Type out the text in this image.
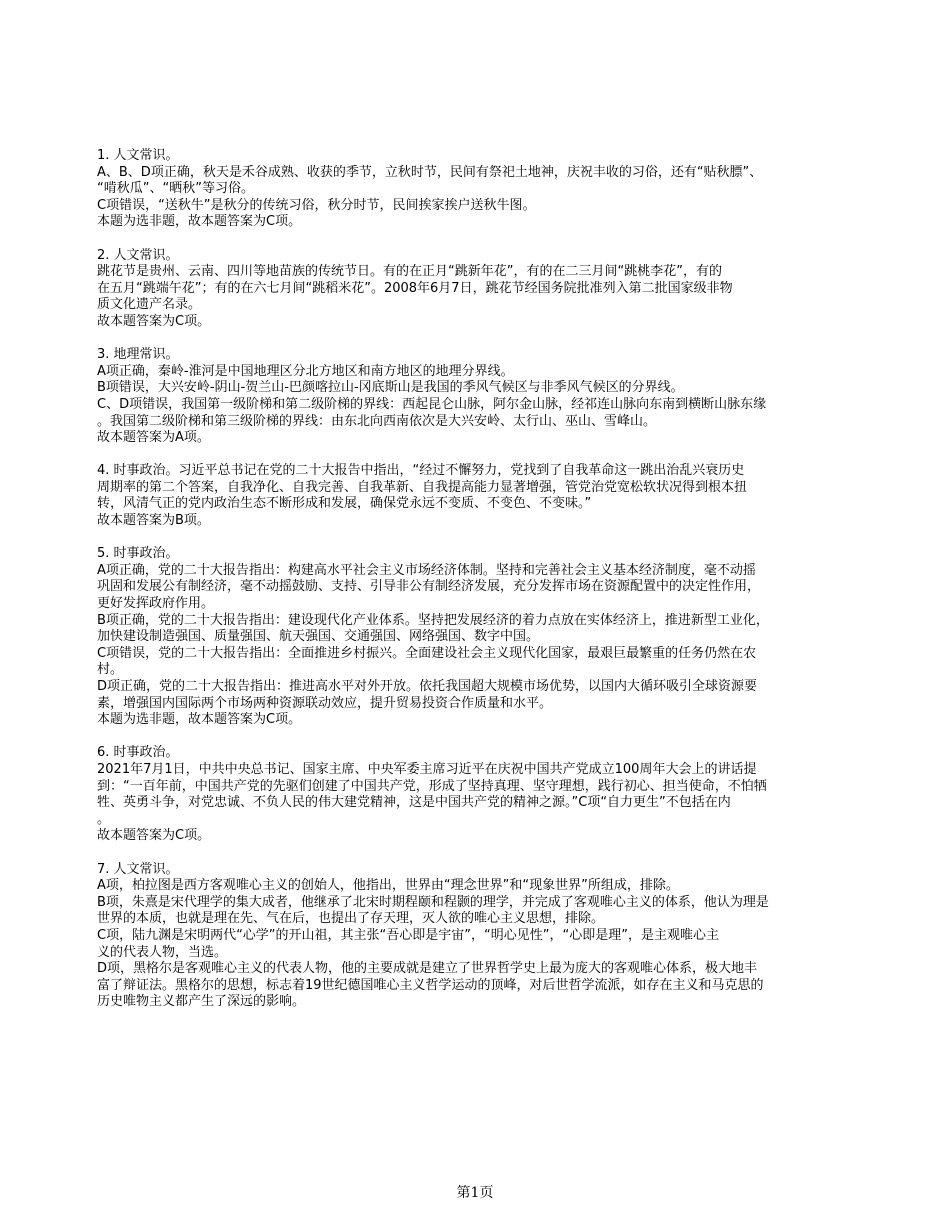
1. 人文常识。
A、B、D项正确，秋天是禾谷成熟、收获的季节，立秋时节，民间有祭祀土地神，庆祝丰收的习俗，还有“贴秋膘”、
“啃秋瓜”、“晒秋”等习俗。
C项错误，“送秋牛”是秋分的传统习俗，秋分时节，民间挨家挨户送秋牛图。
本题为选非题，故本题答案为C项。
2. 人文常识。
跳花节是贵州、云南、四川等地苗族的传统节日。有的在正月“跳新年花”，有的在二三月间“跳桃李花”，有的
在五月“跳端午花”；有的在六七月间“跳稻米花”。2008年6月7日，跳花节经国务院批准列入第二批国家级非物
质文化遗产名录。
故本题答案为C项。
3. 地理常识。
A项正确，秦岭-淮河是中国地理区分北方地区和南方地区的地理分界线。
B项错误，大兴安岭-阴山-贺兰山-巴颜喀拉山-冈底斯山是我国的季风气候区与非季风气候区的分界线。
C、D项错误，我国第一级阶梯和第二级阶梯的界线：西起昆仑山脉，阿尔金山脉，经祁连山脉向东南到横断山脉东缘
。我国第二级阶梯和第三级阶梯的界线：由东北向西南依次是大兴安岭、太行山、巫山、雪峰山。
故本题答案为A项。
4. 时事政治。习近平总书记在党的二十大报告中指出，“经过不懈努力，党找到了自我革命这一跳出治乱兴衰历史
周期率的第二个答案，自我净化、自我完善、自我革新、自我提高能力显著增强，管党治党宽松软状况得到根本扭
转，风清气正的党内政治生态不断形成和发展，确保党永远不变质、不变色、不变味。”
故本题答案为B项。
5. 时事政治。
A项正确，党的二十大报告指出：构建高水平社会主义市场经济体制。坚持和完善社会主义基本经济制度，毫不动摇
巩固和发展公有制经济，毫不动摇鼓励、支持、引导非公有制经济发展，充分发挥市场在资源配置中的决定性作用，
更好发挥政府作用。
B项正确，党的二十大报告指出：建设现代化产业体系。坚持把发展经济的着力点放在实体经济上，推进新型工业化，
加快建设制造强国、质量强国、航天强国、交通强国、网络强国、数字中国。
C项错误，党的二十大报告指出：全面推进乡村振兴。全面建设社会主义现代化国家，最艰巨最繁重的任务仍然在农
村。
D项正确，党的二十大报告指出：推进高水平对外开放。依托我国超大规模市场优势，以国内大循环吸引全球资源要
素，增强国内国际两个市场两种资源联动效应，提升贸易投资合作质量和水平。
本题为选非题，故本题答案为C项。
6. 时事政治。
2021年7月1日，中共中央总书记、国家主席、中央军委主席习近平在庆祝中国共产党成立100周年大会上的讲话提
到：“一百年前，中国共产党的先驱们创建了中国共产党，形成了坚持真理、坚守理想，践行初心、担当使命，不怕牺
牲、英勇斗争，对党忠诚、不负人民的伟大建党精神，这是中国共产党的精神之源。”C项“自力更生”不包括在内
。
故本题答案为C项。
7. 人文常识。
A项，柏拉图是西方客观唯心主义的创始人，他指出，世界由“理念世界”和“现象世界”所组成，排除。
B项，朱熹是宋代理学的集大成者，他继承了北宋时期程颐和程颢的理学，并完成了客观唯心主义的体系，他认为理是
世界的本质，也就是理在先、气在后，也提出了存天理，灭人欲的唯心主义思想，排除。
C项，陆九渊是宋明两代“心学”的开山祖，其主张“吾心即是宇宙”，“明心见性”，“心即是理”，是主观唯心主
义的代表人物，当选。
D项，黑格尔是客观唯心主义的代表人物，他的主要成就是建立了世界哲学史上最为庞大的客观唯心体系，极大地丰
富了辩证法。黑格尔的思想，标志着19世纪德国唯心主义哲学运动的顶峰，对后世哲学流派，如存在主义和马克思的
历史唯物主义都产生了深远的影响。
第1页
